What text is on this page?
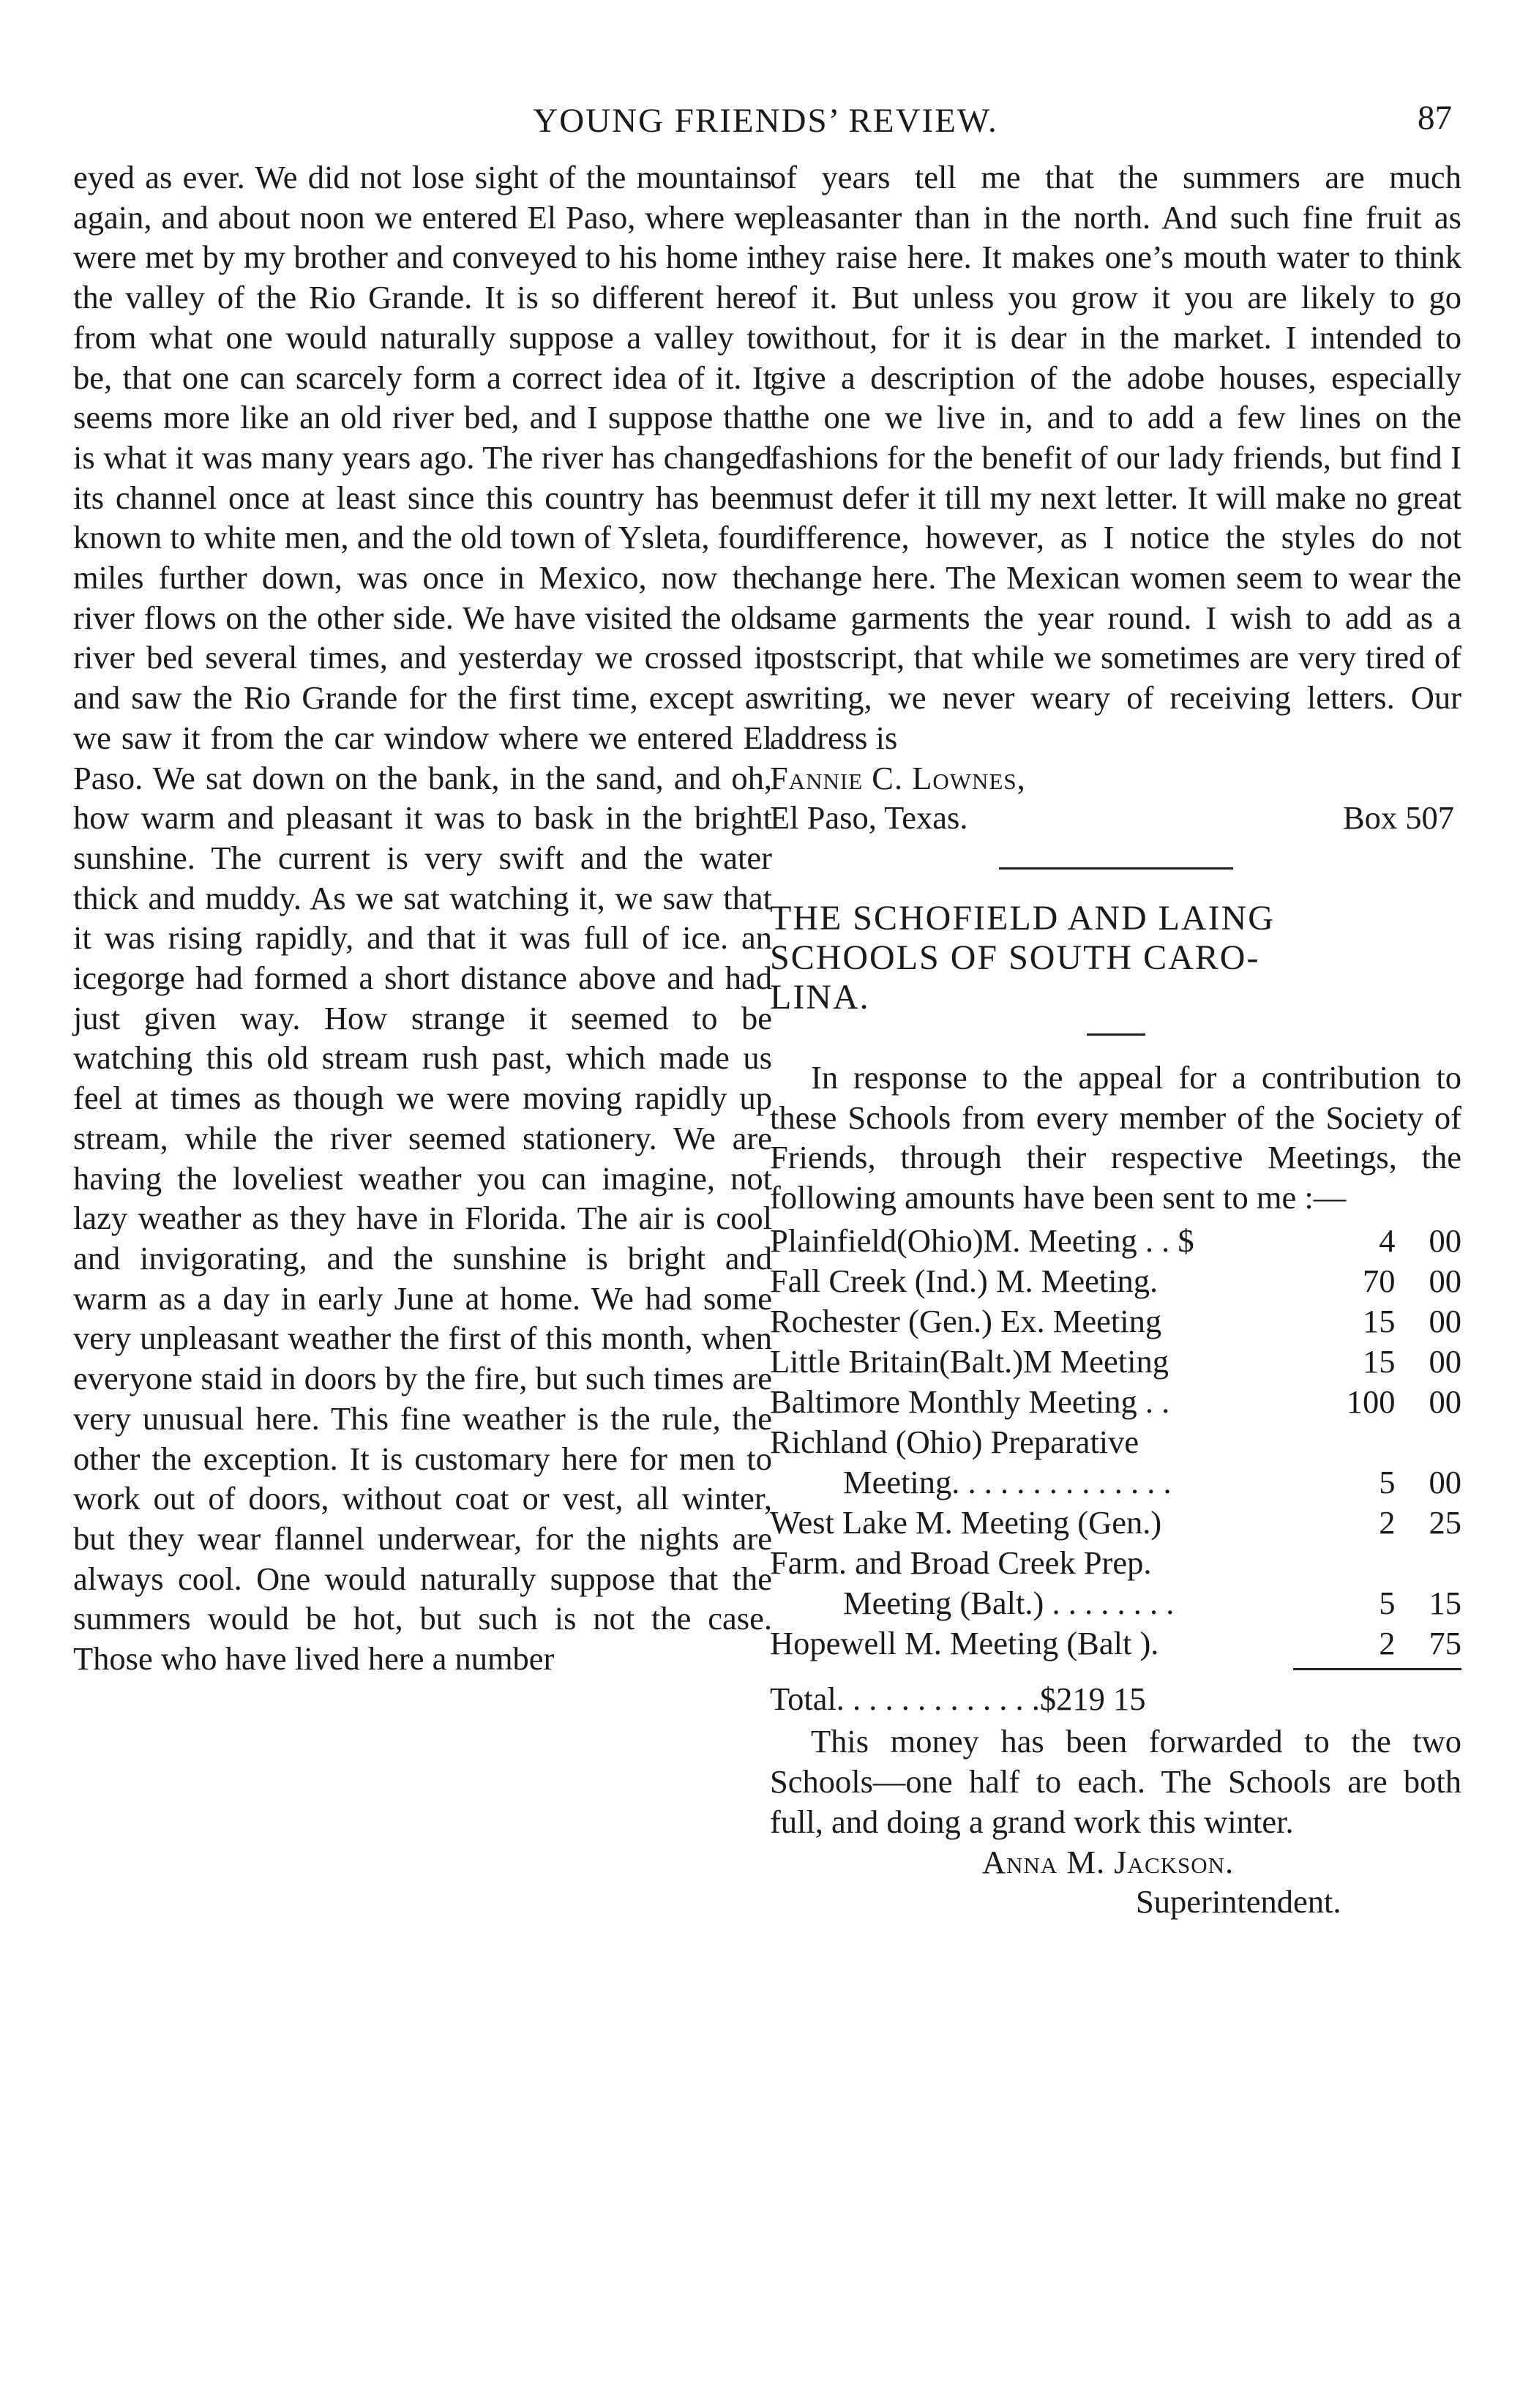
YOUNG FRIENDS’ REVIEW.	87

eyed as ever. We did not lose sight of the mountains again, and about noon we entered El Paso, where we were met by my brother and conveyed to his home in the valley of the Rio Grande. It is so different here from what one would naturally suppose a valley to be, that one can scarcely form a correct idea of it. It seems more like an old river bed, and I suppose that is what it was many years ago. The river has changed its channel once at least since this country has been known to white men, and the old town of Ysleta, four miles further down, was once in Mexico, now the river flows on the other side. We have visited the old river bed several times, and yesterday we crossed it and saw the Rio Grande for the first time, except as we saw it from the car window where we entered El Paso. We sat down on the bank, in the sand, and oh, how warm and pleasant it was to bask in the bright sunshine. The current is very swift and the water thick and muddy. As we sat watching it, we saw that it was rising rapidly, and that it was full of ice. an icegorge had formed a short distance above and had just given way. How strange it seemed to be watching this old stream rush past, which made us feel at times as though we were moving rapidly up stream, while the river seemed stationery. We are having the loveliest weather you can imagine, not lazy weather as they have in Florida. The air is cool and invigorating, and the sunshine is bright and warm as a day in early June at home. We had some very unpleasant weather the first of this month, when everyone staid in doors by the fire, but such times are very unusual here. This fine weather is the rule, the other the exception. It is customary here for men to work out of doors, without coat or vest, all winter, but they wear flannel underwear, for the nights are always cool. One would naturally suppose that the summers would be hot, but such is not the case. Those who have lived here a number

of years tell me that the summers are much pleasanter than in the north. And such fine fruit as they raise here. It makes one’s mouth water to think of it. But unless you grow it you are likely to go without, for it is dear in the market. I intended to give a description of the adobe houses, especially the one we live in, and to add a few lines on the fashions for the benefit of our lady friends, but find I must defer it till my next letter. It will make no great difference, however, as I notice the styles do not change here. The Mexican women seem to wear the same garments the year round. I wish to add as a postscript, that while we sometimes are very tired of writing, we never weary of receiving letters. Our address is

Fannie C. Lownes,

El Paso, Texas.	Box 507

THE SCHOFIELD AND LAING

SCHOOLS OF SOUTH CARO-

LINA.

In response to the appeal for a contribution to these Schools from every member of the Society of Friends, through their respective Meetings, the following amounts have been sent to me :—

Plainfield(Ohio)M. Meeting . . $	4	00
Fall Creek (Ind.) M. Meeting.	70	00
Rochester (Gen.) Ex. Meeting	15	00
Little Britain(Balt.)M Meeting	15	00
Baltimore Monthly Meeting . .	100	00
Richland (Ohio) Preparative		
Meeting. . . . . . . . . . . . . .	5	00
West Lake M. Meeting (Gen.)	2	25
Farm. and Broad Creek Prep.		
Meeting (Balt.) . . . . . . . .	5	15
Hopewell M. Meeting (Balt ).	2	75

Total. . . . . . . . . . . . .$219 15

This money has been forwarded to the two Schools—one half to each. The Schools are both full, and doing a grand work this winter.

Anna M. Jackson.

Superintendent.
